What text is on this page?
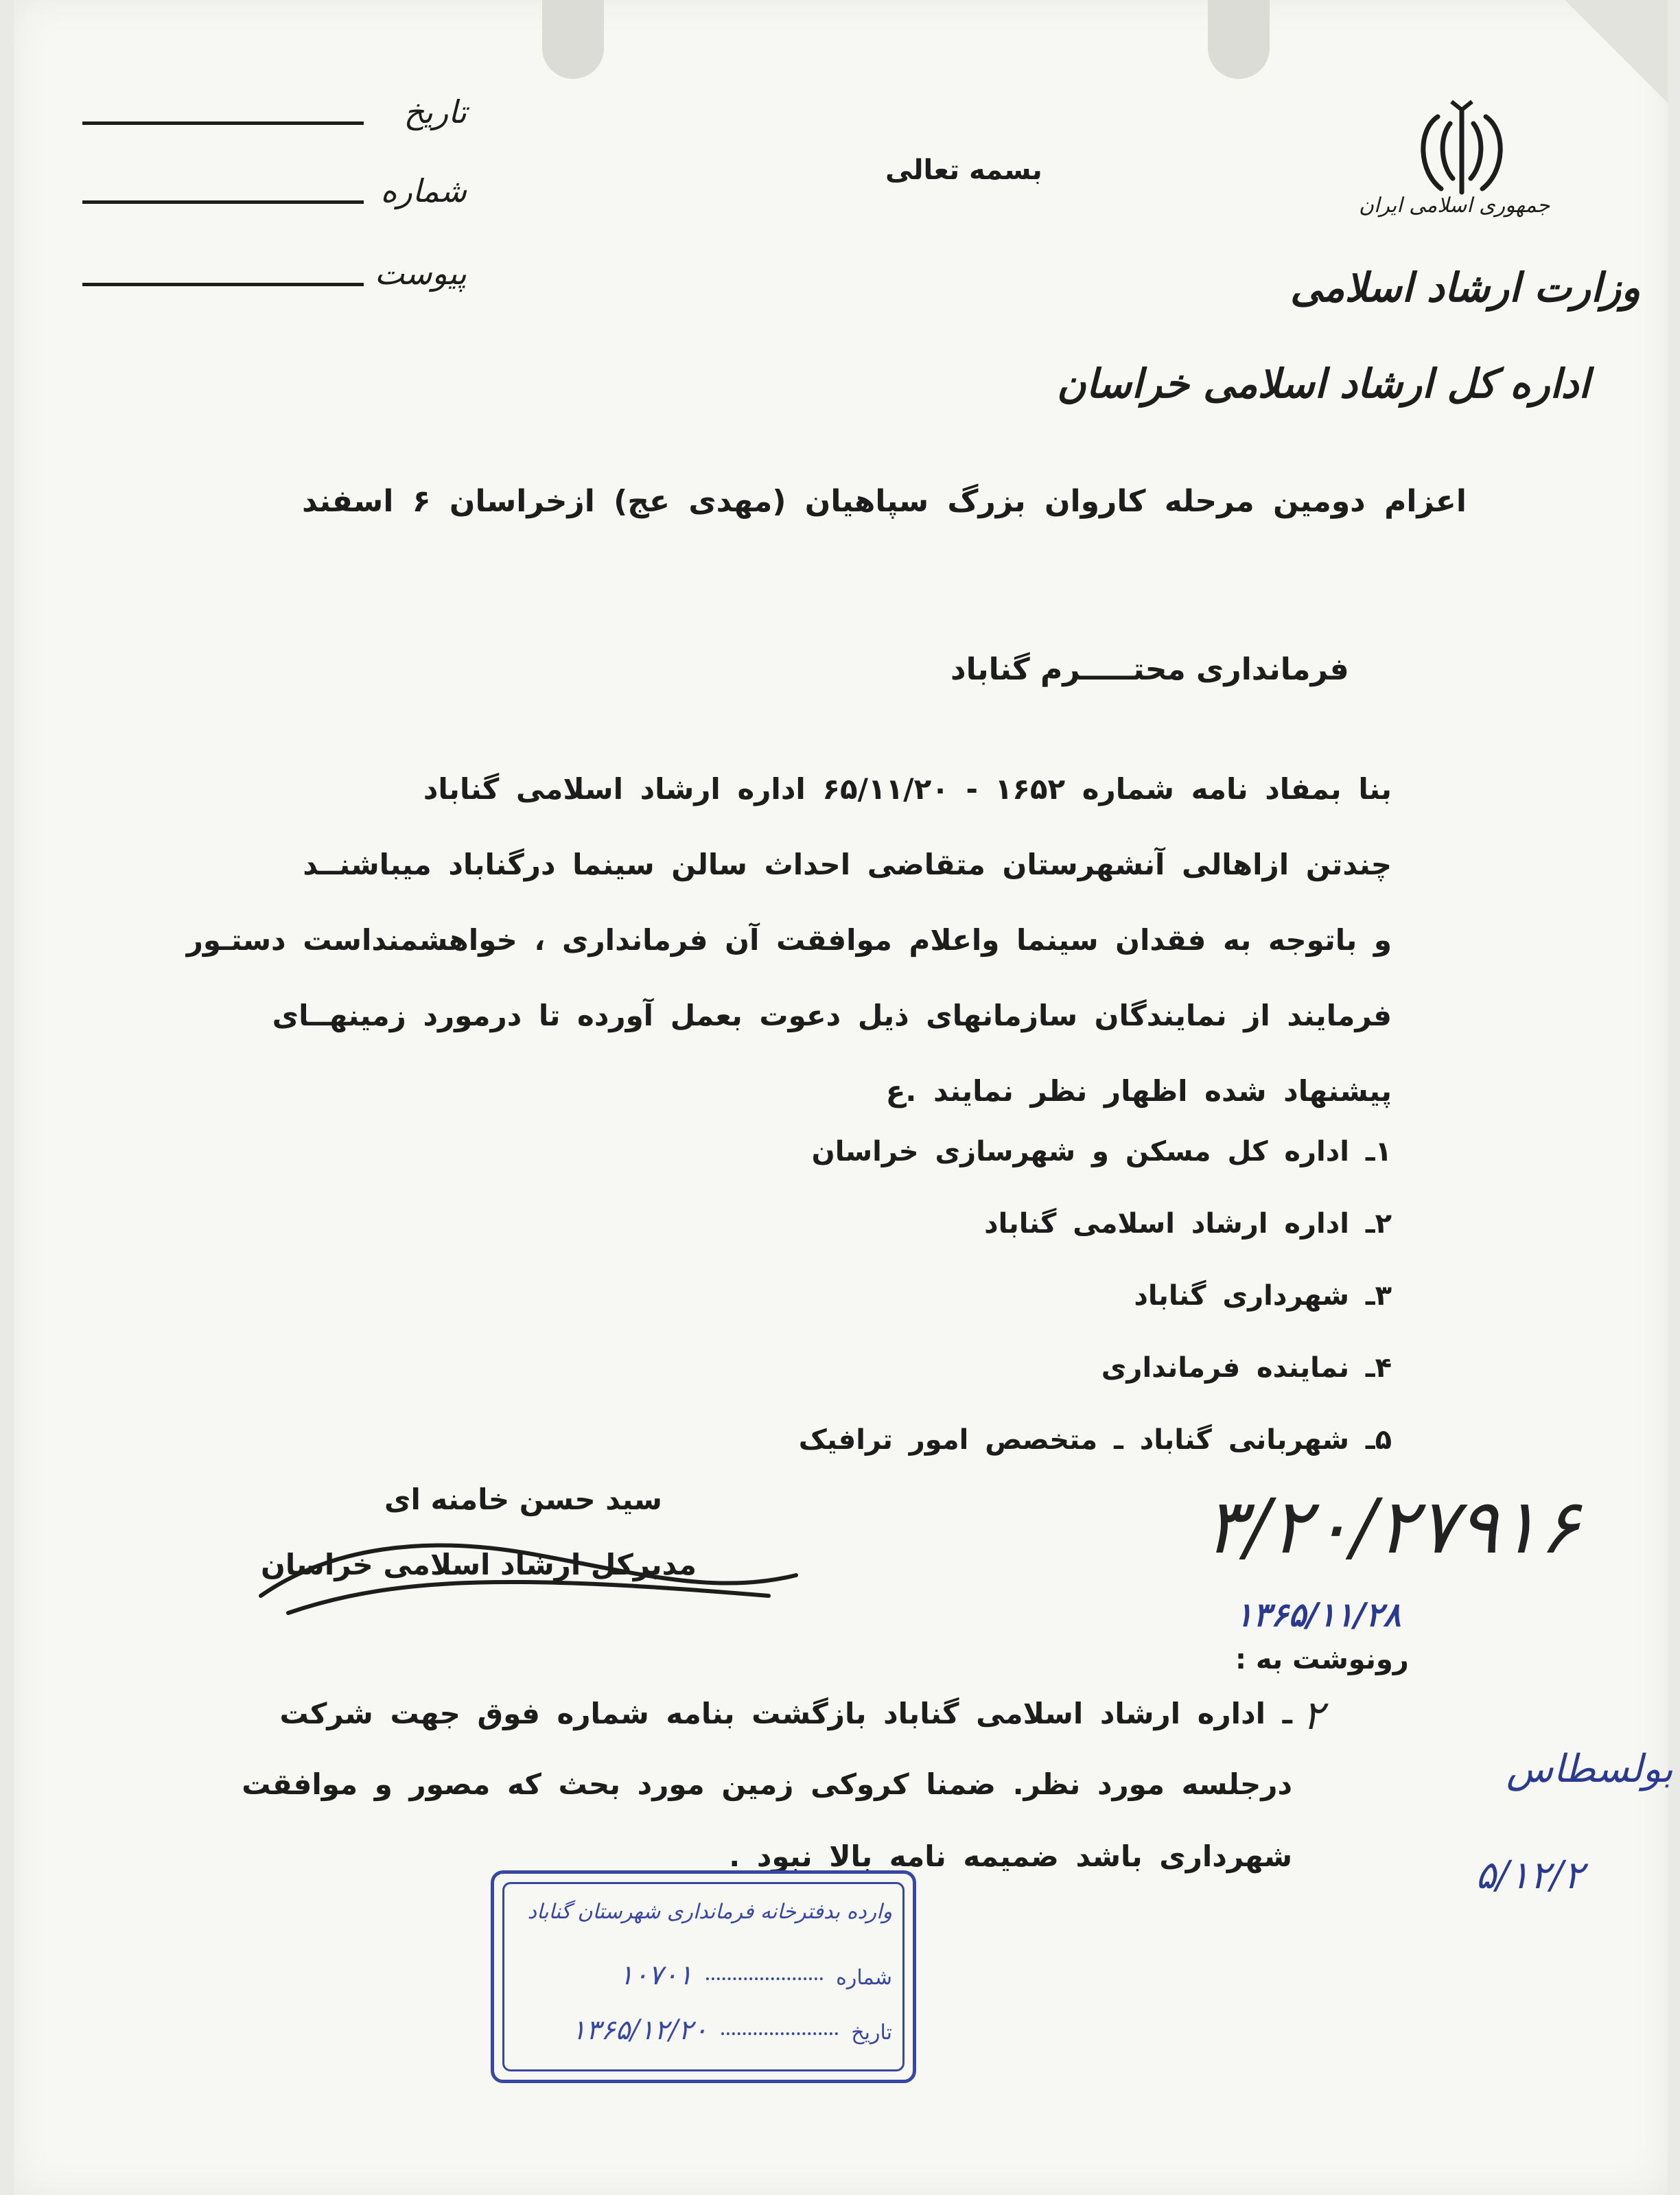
جمهوری اسلامی ایران
وزارت ارشاد اسلامی
اداره کل ارشاد اسلامی خراسان
بسمه تعالی
تاریخ
شماره
پیوست
اعزام دومین مرحله کاروان بزرگ سپاهیان (مهدی عج) ازخراسان ۶ اسفند
فرمانداری محتـــــرم گناباد
بنا بمفاد نامه شماره ۱۶۵۲ - ۶۵/۱۱/۲۰ اداره ارشاد اسلامی گناباد
چندتن ازاهالی آنشهرستان متقاضی احداث سالن سینما درگناباد میباشنــد
و باتوجه به فقدان سینما واعلام موافقت آن فرمانداری ، خواهشمنداست دستـور
فرمایند از نمایندگان سازمانهای ذیل دعوت بعمل آورده تا درمورد زمینهــای
پیشنهاد شده اظهار نظر نمایند .ع
۱ـ اداره کل مسکن و شهرسازی خراسان
۲ـ اداره ارشاد اسلامی گناباد
۳ـ شهرداری گناباد
۴ـ نماینده فرمانداری
۵ـ شهربانی گناباد ـ متخصص امور ترافیک
سید حسن خامنه ای
مدیرکل ارشاد اسلامی خراسان	۳/۲۰/۲۷۹۱۶
۱۳۶۵/۱۱/۲۸
رونوشت به :
۲
ـ اداره ارشاد اسلامی گناباد بازگشت بنامه شماره فوق جهت شرکت
درجلسه مورد نظر. ضمنا کروکی زمین مورد بحث که مصور و موافقت
شهرداری باشد ضمیمه نامه بالا نبود .
بولسطاس
۵/۱۲/۲
وارده بدفترخانه فرمانداری شهرستان گناباد
شماره  ۱۰۷۰۱
تاریخ  ۱۳۶۵/۱۲/۲۰
